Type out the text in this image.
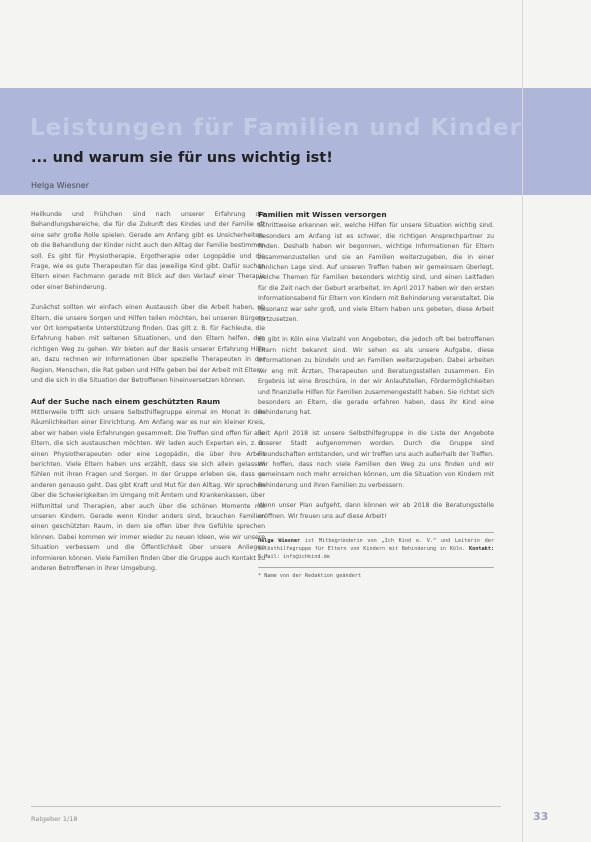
Leistungen für Familien und Kinder
... und warum sie für uns wichtig ist!
Helga Wiesner

Heilkunde und Frühchen sind nach unserer Erfahrung die Behandlungsbereiche, die für die Zukunft des Kindes und der Familie oft eine sehr große Rolle spielen. Gerade am Anfang gibt es Unsicherheiten, ob die Behandlung der Kinder nicht auch den Alltag der Familie bestimmen soll. Es gibt für Physiotherapie, Ergotherapie oder Logopädie und die Frage, wie es gute Therapeuten für das jeweilige Kind gibt. Dafür suchen Eltern einen Fachmann gerade mit Blick auf den Verlauf einer Therapie oder einer Behinderung.

Zunächst sollten wir einfach einen Austausch über die Arbeit haben, ob Eltern, die unsere Sorgen und Hilfen teilen möchten, bei unseren Bürgern vor Ort kompetente Unterstützung finden. Das gilt z. B. für Fachleute, die Erfahrung haben mit seltenen Situationen, und den Eltern helfen, den richtigen Weg zu gehen. Wir bieten auf der Basis unserer Erfahrung Hilfe an, dazu rechnen wir Informationen über spezielle Therapeuten in der Region, Menschen, die Rat geben und Hilfe geben bei der Arbeit mit Eltern, und die sich in die Situation der Betroffenen hineinversetzen können.

Auf der Suche nach einem geschützten Raum

Mittlerweile trifft sich unsere Selbsthilfegruppe einmal im Monat in den Räumlichkeiten einer Einrichtung. Am Anfang war es nur ein kleiner Kreis, aber wir haben viele Erfahrungen gesammelt. Die Treffen sind offen für alle Eltern, die sich austauschen möchten. Wir laden auch Experten ein, z. B. einen Physiotherapeuten oder eine Logopädin, die über ihre Arbeit berichten. Viele Eltern haben uns erzählt, dass sie sich allein gelassen fühlen mit ihren Fragen und Sorgen. In der Gruppe erleben sie, dass es anderen genauso geht. Das gibt Kraft und Mut für den Alltag. Wir sprechen über die Schwierigkeiten im Umgang mit Ämtern und Krankenkassen, über Hilfsmittel und Therapien, aber auch über die schönen Momente mit unseren Kindern. Gerade wenn Kinder anders sind, brauchen Familien einen geschützten Raum, in dem sie offen über ihre Gefühle sprechen können. Dabei kommen wir immer wieder zu neuen Ideen, wie wir unsere Situation verbessern und die Öffentlichkeit über unsere Anliegen informieren können. Viele Familien finden über die Gruppe auch Kontakt zu anderen Betroffenen in ihrer Umgebung.

Familien mit Wissen versorgen

Schrittweise erkennen wir, welche Hilfen für unsere Situation wichtig sind. Besonders am Anfang ist es schwer, die richtigen Ansprechpartner zu finden. Deshalb haben wir begonnen, wichtige Informationen für Eltern zusammenzustellen und sie an Familien weiterzugeben, die in einer ähnlichen Lage sind. Auf unseren Treffen haben wir gemeinsam überlegt, welche Themen für Familien besonders wichtig sind, und einen Leitfaden für die Zeit nach der Geburt erarbeitet. Im April 2017 haben wir den ersten Informationsabend für Eltern von Kindern mit Behinderung veranstaltet. Die Resonanz war sehr groß, und viele Eltern haben uns gebeten, diese Arbeit fortzusetzen.

Es gibt in Köln eine Vielzahl von Angeboten, die jedoch oft bei betroffenen Eltern nicht bekannt sind. Wir sehen es als unsere Aufgabe, diese Informationen zu bündeln und an Familien weiterzugeben. Dabei arbeiten wir eng mit Ärzten, Therapeuten und Beratungsstellen zusammen. Ein Ergebnis ist eine Broschüre, in der wir Anlaufstellen, Fördermöglichkeiten und finanzielle Hilfen für Familien zusammengestellt haben. Sie richtet sich besonders an Eltern, die gerade erfahren haben, dass ihr Kind eine Behinderung hat.

Seit April 2018 ist unsere Selbsthilfegruppe in die Liste der Angebote unserer Stadt aufgenommen worden. Durch die Gruppe sind Freundschaften entstanden, und wir treffen uns auch außerhalb der Treffen. Wir hoffen, dass noch viele Familien den Weg zu uns finden und wir gemeinsam noch mehr erreichen können, um die Situation von Kindern mit Behinderung und ihren Familien zu verbessern.

Wenn unser Plan aufgeht, dann können wir ab 2018 die Beratungsstelle eröffnen. Wir freuen uns auf diese Arbeit!

Helga Wiesner ist Mitbegründerin von „Ich Kind e. V.“ und Leiterin der Selbsthilfegruppe für Eltern von Kindern mit Behinderung in Köln. Kontakt: E-Mail: info@ichkind.de
* Name von der Redaktion geändert
Ratgeber 1/18	33
